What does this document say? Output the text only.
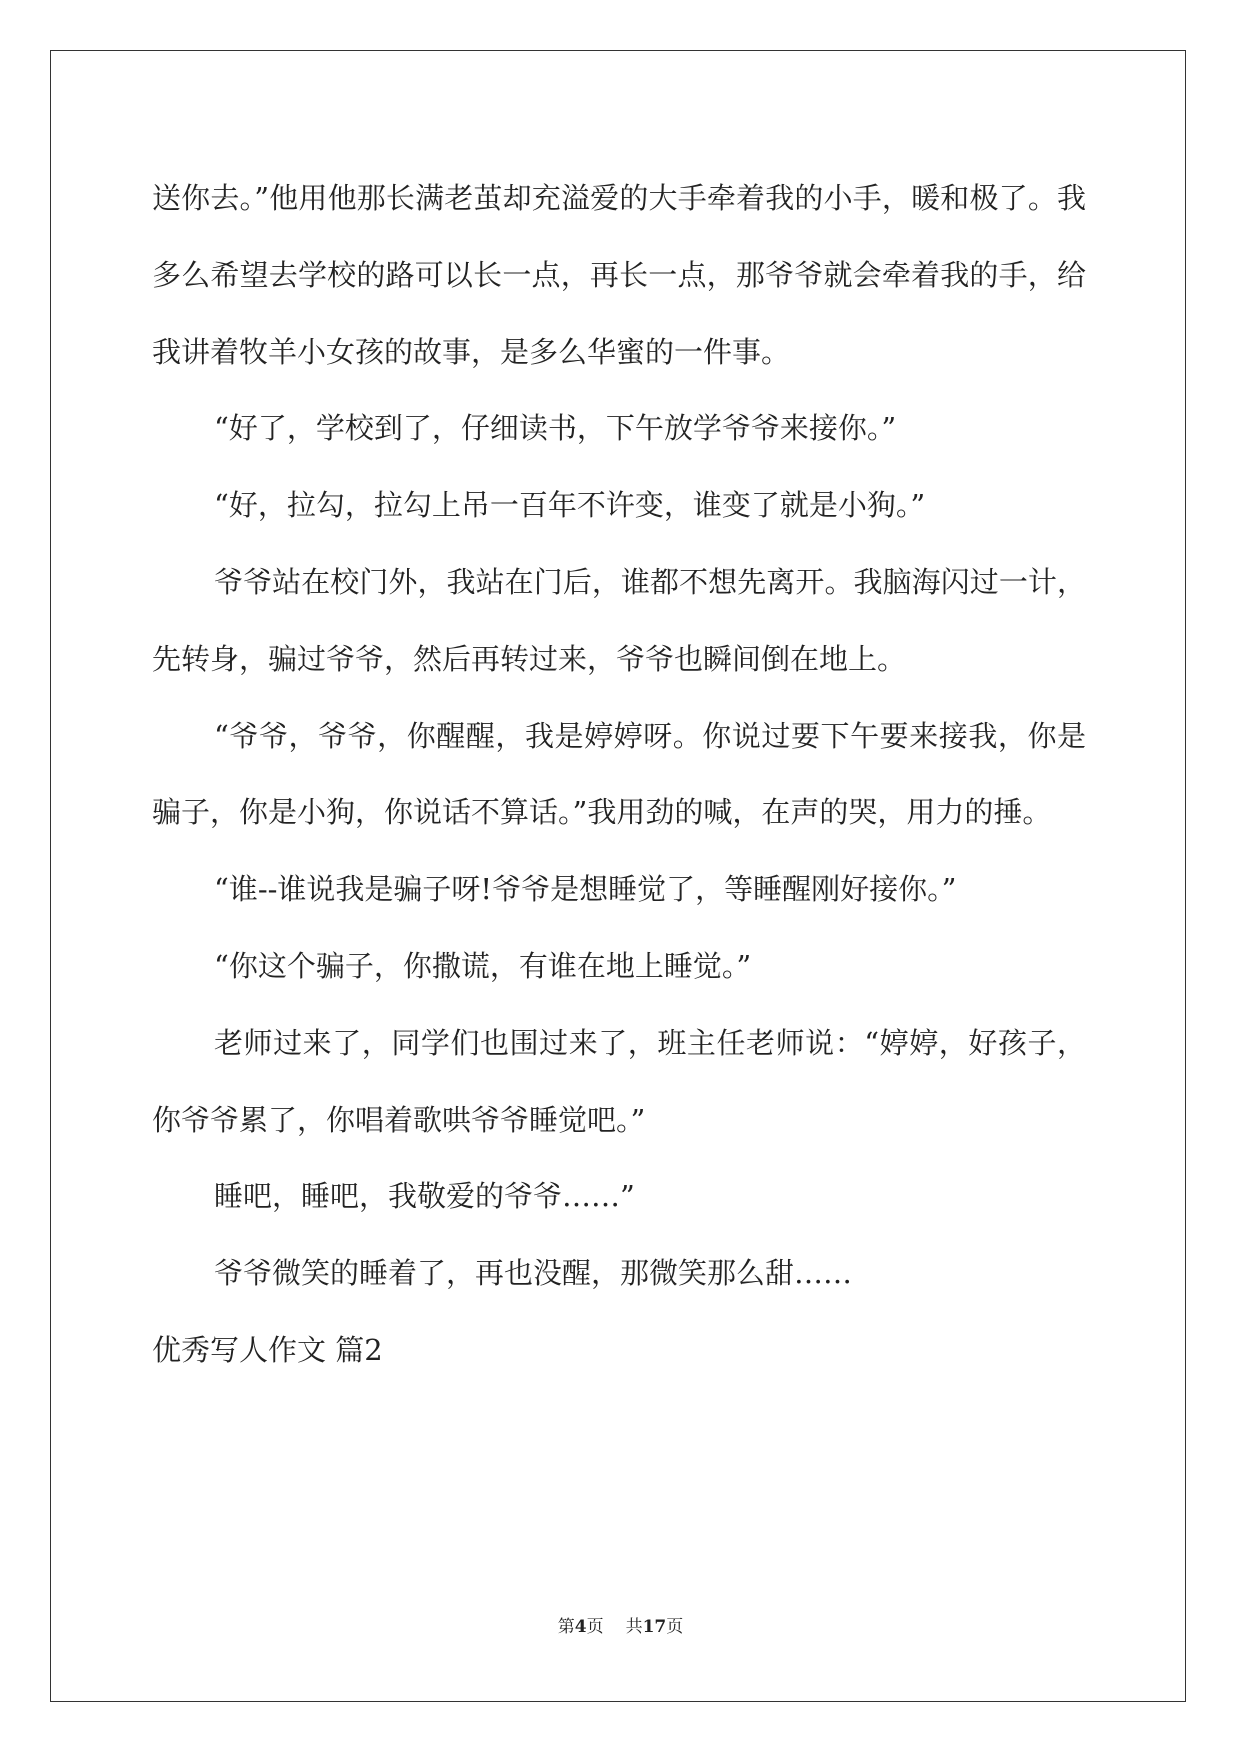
送你去。”他用他那长满老茧却充溢爱的大手牵着我的小手，暖和极了。我多么希望去学校的路可以长一点，再长一点，那爷爷就会牵着我的手，给我讲着牧羊小女孩的故事，是多么华蜜的一件事。

“好了，学校到了，仔细读书，下午放学爷爷来接你。”

“好，拉勾，拉勾上吊一百年不许变，谁变了就是小狗。”

爷爷站在校门外，我站在门后，谁都不想先离开。我脑海闪过一计，先转身，骗过爷爷，然后再转过来，爷爷也瞬间倒在地上。

“爷爷，爷爷，你醒醒，我是婷婷呀。你说过要下午要来接我，你是骗子，你是小狗，你说话不算话。”我用劲的喊，在声的哭，用力的捶。

“谁--谁说我是骗子呀!爷爷是想睡觉了，等睡醒刚好接你。”

“你这个骗子，你撒谎，有谁在地上睡觉。”

老师过来了，同学们也围过来了，班主任老师说：“婷婷，好孩子，你爷爷累了，你唱着歌哄爷爷睡觉吧。”

睡吧，睡吧，我敬爱的爷爷……”

爷爷微笑的睡着了，再也没醒，那微笑那么甜……

优秀写人作文 篇2

第4页 共17页
